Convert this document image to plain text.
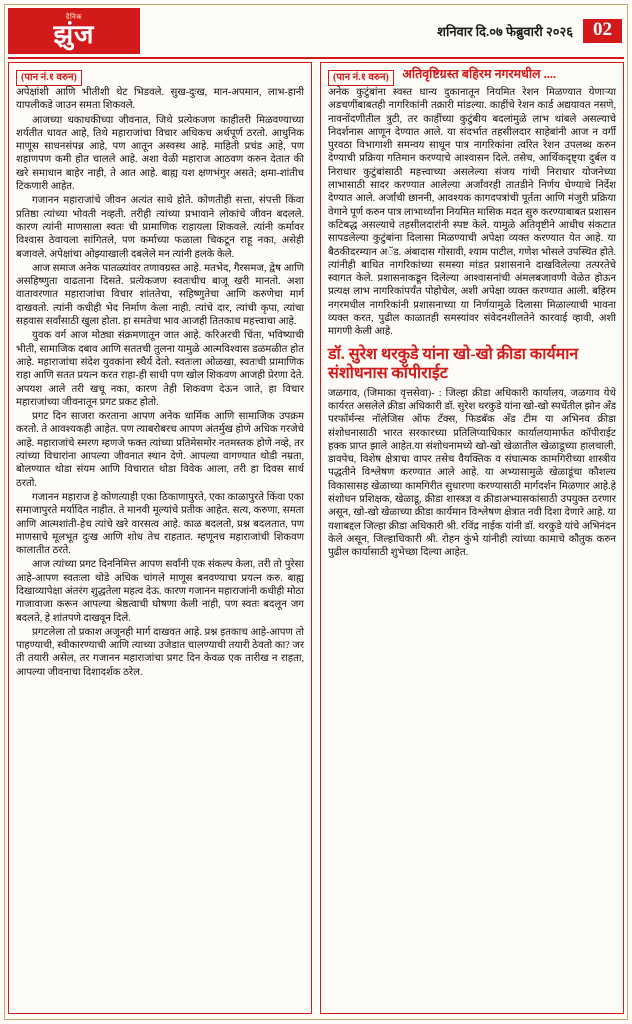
दैनिक
झुंज	शनिवार दि.०७ फेब्रुवारी २०२६	02
(पान नं.१ वरुन)

अपेक्षांशी आणि भीतीशी थेट भिडवले. सुख-दुःख, मान-अपमान, लाभ-हानी यापलीकडे जाउन समता शिकवले.

आजच्या धकाधकीच्या जीवनात, जिथे प्रत्येकजण काहीतरी मिळवण्याच्या शर्यतीत धावत आहे, तिथे महाराजांचा विचार अधिकच अर्थपूर्ण ठरतो. आधुनिक माणूस साधनसंपन्न आहे, पण आतून अस्वस्थ आहे. माहिती प्रचंड आहे, पण शहाणपण कमी होत चालले आहे. अशा वेळी महाराज आठवण करुन देतात की खरे समाधान बाहेर नाही, ते आत आहे. बाह्य यश क्षणभंगुर असते; क्षमा-शांतीच टिकणारी आहेत.

गजानन महाराजांचे जीवन अत्यंत साधे होते. कोणतीही सत्ता, संपत्ती किंवा प्रतिष्ठा त्यांच्या भोवती नव्हती. तरीही त्यांच्या प्रभावाने लोकांचे जीवन बदलले. कारण त्यांनी माणसाला स्वतः ची प्रामाणिक राहायला शिकवले. त्यांनी कर्मावर विश्वास ठेवायला सांगितले, पण कर्माच्या फळाला चिकटून राहू नका, असेही बजावले. अपेक्षांचा ओझ्याखाली दबलेले मन त्यांनी हलके केले.

आज समाज अनेक पातळ्यांवर तणावग्रस्त आहे. मतभेद, गैरसमज, द्वेष आणि असहिष्णुता वाढताना दिसते. प्रत्येकजण स्वतःचीच बाजू खरी मानतो. अशा वातावरणात महाराजांचा विचार शांततेचा, सहिष्णुतेचा आणि करुणेचा मार्ग दाखवतो. त्यांनी कधीही भेद निर्माण केला नाही. त्यांचे दार, त्यांची कृपा, त्यांचा सहवास सर्वांसाठी खुला होता. हा समतेचा भाव आजही तितकाच महत्त्वाचा आहे.

युवक वर्ग आज मोठ्या संक्रमणातून जात आहे. करिअरची चिंता, भविष्याची भीती, सामाजिक दबाव आणि सततची तुलना यामुळे आत्मविश्वास डळमळीत होत आहे. महाराजांचा संदेश युवकांना स्थैर्य देतो. स्वतःला ओळखा, स्वतःची प्रामाणिक राहा आणि सतत प्रयत्न करत राहा-ही साधी पण खोल शिकवण आजही प्रेरणा देते. अपयश आले तरी खचू नका, कारण तेही शिकवण देऊन जाते, हा विचार महाराजांच्या जीवनातून प्रगट प्रकट होतो.

प्रगट दिन साजरा करताना आपण अनेक धार्मिक आणि सामाजिक उपक्रम करतो. ते आवश्यकही आहेत. पण त्याबरोबरच आपण अंतर्मुख होणे अधिक गरजेचे आहे. महाराजांचे स्मरण म्हणजे फक्त त्यांच्या प्रतिमेसमोर नतमस्तक होणे नव्हे, तर त्यांच्या विचारांना आपल्या जीवनात स्थान देणे. आपल्या वागण्यात थोडी नम्रता, बोलण्यात थोडा संयम आणि विचारात थोडा विवेक आला, तरी हा दिवस सार्थ ठरतो.

गजानन महाराज हे कोणत्याही एका ठिकाणापुरते, एका काळापुरते किंवा एका समाजापुरते मर्यादित नाहीत. ते मानवी मूल्यांचे प्रतीक आहेत. सत्य, करुणा, समता आणि आत्मशांती-हेच त्यांचे खरे वारसत्व आहे. काळ बदलतो, प्रश्न बदलतात, पण माणसाचे मूलभूत दुःख आणि शोध तेच राहतात. म्हणूनच महाराजांची शिकवण कालातीत ठरते.

आज त्यांच्या प्रगट दिननिमित्त आपण सर्वांनी एक संकल्प केला, तरी तो पुरेसा आहे-आपण स्वतःला थोडे अधिक चांगले माणूस बनवण्याचा प्रयत्न करु. बाह्य दिखाव्यापेक्षा अंतरंग शुद्धतेला महत्व देऊ. कारण गजानन महाराजांनी कधीही मोठा गाजावाजा करून आपल्या श्रेष्ठत्वाची घोषणा केली नाही, पण स्वतः बदलून जग बदलते, हे शांतपणे दाखवून दिले.

प्रगटलेला तो प्रकाश अजूनही मार्ग दाखवत आहे. प्रश्न इतकाच आहे-आपण तो पाहण्याची, स्वीकारण्याची आणि त्याच्या उजेडात चालण्याची तयारी ठेवतो का? जर ती तयारी असेल, तर गजानन महाराजांचा प्रगट दिन केवळ एक तारीख न राहता, आपल्या जीवनाचा दिशादर्शक ठरेल.

(पान नं.१ वरुन) अतिवृष्टिग्रस्त बहिरम नगरमधील ....

अनेक कुटुंबांना स्वस्त धान्य दुकानातून नियमित रेशन मिळण्यात येणाऱ्या अडचणींबाबतही नागरिकांनी तक्रारी मांडल्या. काहींचे रेशन कार्ड अद्ययावत नसणे, नावनोंदणीतील त्रुटी, तर काहींच्या कुटुंबीय बदलांमुळे लाभ थांबले असल्याचे निदर्शनास आणून देण्यात आले. या संदर्भात तहसीलदार साहेबांनी आज न वर्गी पुरवठा विभागाशी समन्वय साधून पात्र नागरिकांना त्वरित रेशन उपलब्ध करुन देण्याची प्रक्रिया गतिमान करण्याचे आश्वासन दिले. तसेच, आर्थिकदृष्ट्या दुर्बल व निराधार कुटुंबांसाठी महत्त्वाच्या असलेल्या संजय गांधी निराधार योजनेच्या लाभासाठी सादर करण्यात आलेल्या अर्जांवरही तातडीने निर्णय घेण्याचे निर्देश देण्यात आले. अर्जांची छाननी, आवश्यक कागदपत्रांची पूर्तता आणि मंजुरी प्रक्रिया वेगाने पूर्ण करुन पात्र लाभार्थ्यांना नियमित मासिक मदत सुरु करण्याबाबत प्रशासन कटिबद्ध असल्याचे तहसीलदारांनी स्पष्ट केले. यामुळे अतिवृष्टीने आधीच संकटात सापडलेल्या कुटुंबांना दिलासा मिळण्याची अपेक्षा व्यक्त करण्यात येत आहे. या बैठकीदरम्यान अॅड. अंबादास गोसावी, श्याम पाटील, गणेश भोसले उपस्थित होते. त्यांनीही बाधित नागरिकांच्या समस्या मांडत प्रशासनाने दाखविलेल्या तत्परतेचे स्वागत केले. प्रशासनाकडून दिलेल्या आश्वासनांची अंमलबजावणी वेळेत होऊन प्रत्यक्ष लाभ नागरिकांपर्यंत पोहोचेल, अशी अपेक्षा व्यक्त करण्यात आली. बहिरम नगरमधील नागरिकांनी प्रशासनाच्या या निर्णयामुळे दिलासा मिळाल्याची भावना व्यक्त करत, पुढील काळातही समस्यांवर संवेदनशीलतेने कारवाई व्हावी, अशी मागणी केली आहे.

डॉ. सुरेश थरकुडे यांना खो-खो क्रीडा कार्यमान संशोधनास कॉपीराईट

जळगाव, (जिमाका वृत्तसेवा)- : जिल्हा क्रीडा अधिकारी कार्यालय, जळगाव येथे कार्यरत असलेले क्रीडा अधिकारी डॉ. सुरेश थरकुडे यांना खो-खो स्पर्धेतील झोन अँड परफॉर्मन्स नॉलेजिस ऑफ टॅक्स, फिडबॅक अँड टीम या अभिनव क्रीडा संशोधनासाठी भारत सरकारच्या प्रतिलिप्याधिकार कार्यालयामार्फत कॉपीराईट हक्क प्राप्त झाले आहेत.या संशोधनामध्ये खो-खो खेळातील खेळाडूच्या हालचाली, डावपेच, विशेष क्षेत्राचा वापर तसेच वैयक्तिक व संघात्मक कामगिरीच्या शास्त्रीय पद्धतीने विश्लेषण करण्यात आले आहे. या अभ्यासामुळे खेळाडूंचा कौशल्य विकासासह खेळाच्या कामगिरीत सुधारणा करण्यासाठी मार्गदर्शन मिळणार आहे.हे संशोधन प्रशिक्षक, खेळाडू, क्रीडा शास्त्रज्ञ व क्रीडाअभ्यासकांसाठी उपयुक्त ठरणार असून, खो-खो खेळाच्या क्रीडा कार्यमान विश्लेषण क्षेत्रात नवी दिशा देणारे आहे. या यशाबद्दल जिल्हा क्रीडा अधिकारी श्री. रविंद्र नाईक यांनी डॉ. थरकुडे यांचे अभिनंदन केले असून, जिल्हाधिकारी श्री. रोहन कुंभे यांनीही त्यांच्या कामाचे कौतुक करुन पुढील कार्यासाठी शुभेच्छा दिल्या आहेत.
